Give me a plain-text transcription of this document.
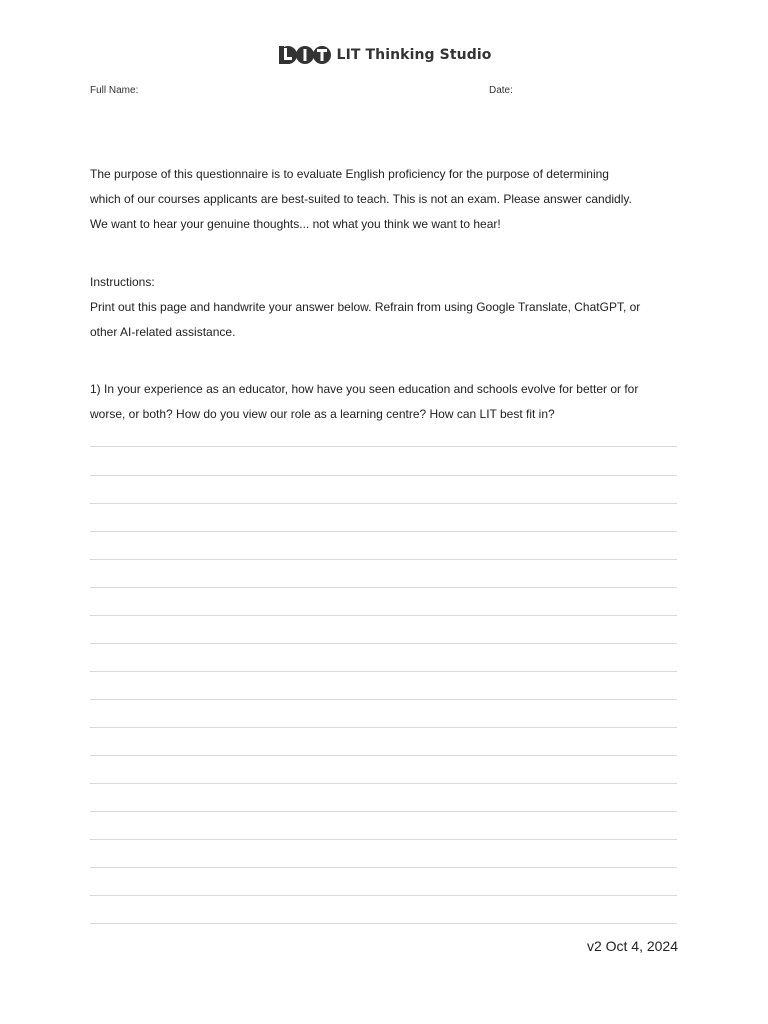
LIT Thinking Studio
Full Name:	Date:

The purpose of this questionnaire is to evaluate English proficiency for the purpose of determining

which of our courses applicants are best-suited to teach. This is not an exam. Please answer candidly.

We want to hear your genuine thoughts... not what you think we want to hear!

Instructions:

Print out this page and handwrite your answer below. Refrain from using Google Translate, ChatGPT, or

other AI-related assistance.

1) In your experience as an educator, how have you seen education and schools evolve for better or for

worse, or both? How do you view our role as a learning centre? How can LIT best fit in?

v2 Oct 4, 2024
